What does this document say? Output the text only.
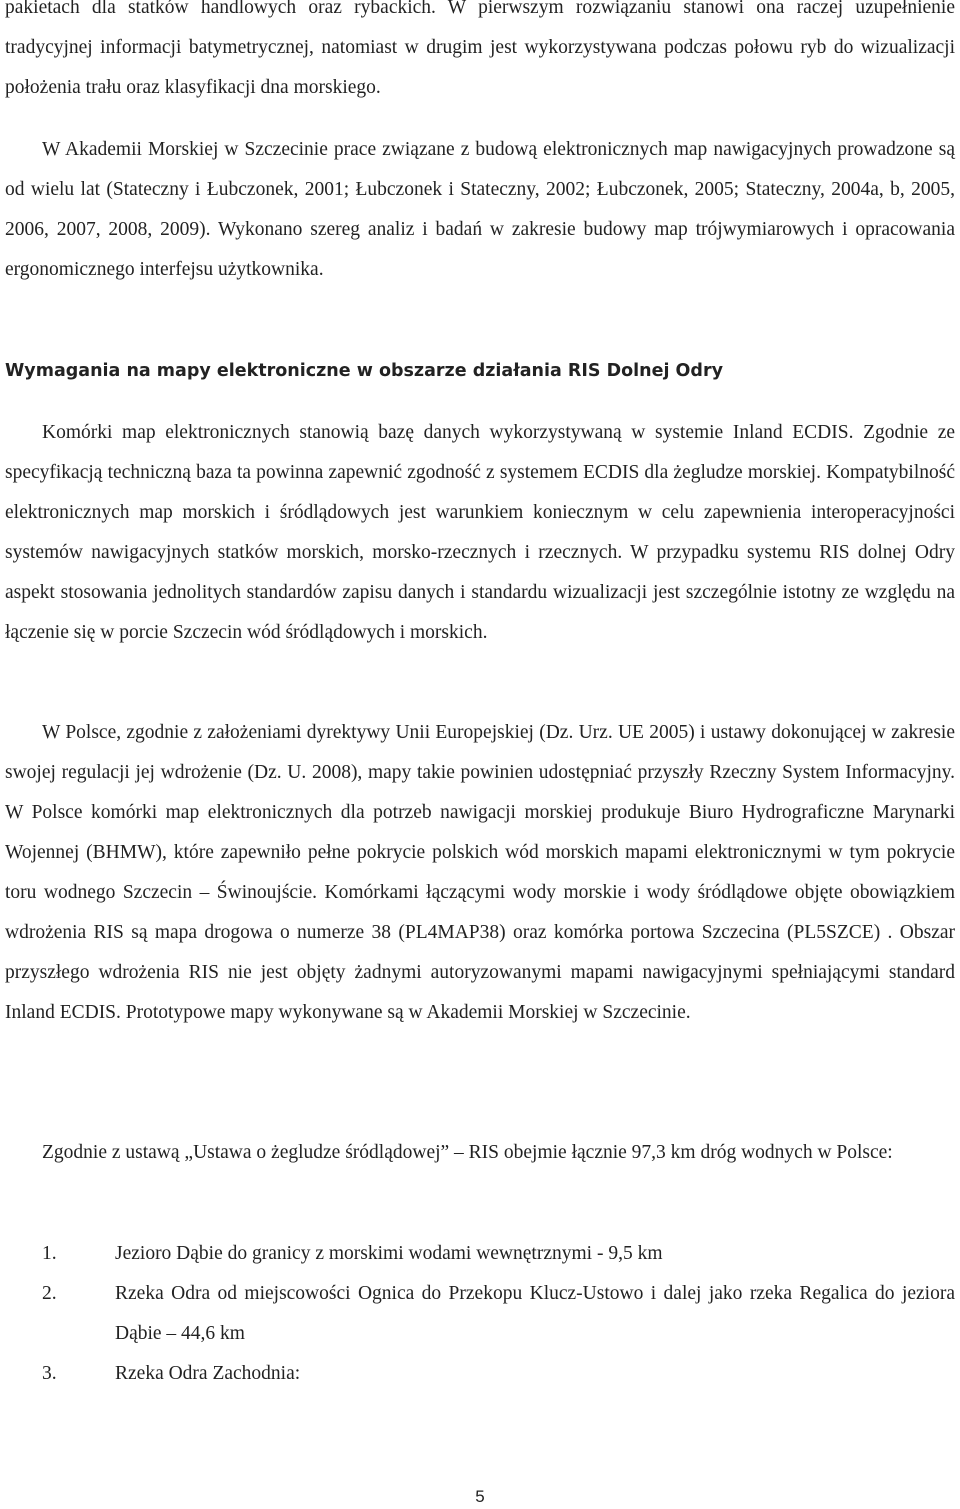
pakietach dla statków handlowych oraz rybackich. W pierwszym rozwiązaniu stanowi ona raczej uzupełnienie tradycyjnej informacji batymetrycznej, natomiast w drugim jest wykorzystywana podczas połowu ryb do wizualizacji położenia trału oraz klasyfikacji dna morskiego.

W Akademii Morskiej w Szczecinie prace związane z budową elektronicznych map nawigacyjnych prowadzone są od wielu lat (Stateczny i Łubczonek, 2001; Łubczonek i Stateczny, 2002; Łubczonek, 2005; Stateczny, 2004a, b, 2005, 2006, 2007, 2008, 2009). Wykonano szereg analiz i badań w zakresie budowy map trójwymiarowych i opracowania ergonomicznego interfejsu użytkownika.

Wymagania na mapy elektroniczne w obszarze działania RIS Dolnej Odry

Komórki map elektronicznych stanowią bazę danych wykorzystywaną w systemie Inland ECDIS. Zgodnie ze specyfikacją techniczną baza ta powinna zapewnić zgodność z systemem ECDIS dla żegludze morskiej. Kompatybilność elektronicznych map morskich i śródlądowych jest warunkiem koniecznym w celu zapewnienia interoperacyjności systemów nawigacyjnych statków morskich, morsko-rzecznych i rzecznych. W przypadku systemu RIS dolnej Odry aspekt stosowania jednolitych standardów zapisu danych i standardu wizualizacji jest szczególnie istotny ze względu na łączenie się w porcie Szczecin wód śródlądowych i morskich.

W Polsce, zgodnie z założeniami dyrektywy Unii Europejskiej (Dz. Urz. UE 2005) i ustawy dokonującej w zakresie swojej regulacji jej wdrożenie (Dz. U. 2008), mapy takie powinien udostępniać przyszły Rzeczny System Informacyjny. W Polsce komórki map elektronicznych dla potrzeb nawigacji morskiej produkuje Biuro Hydrograficzne Marynarki Wojennej (BHMW), które zapewniło pełne pokrycie polskich wód morskich mapami elektronicznymi w tym pokrycie toru wodnego Szczecin – Świnoujście. Komórkami łączącymi wody morskie i wody śródlądowe objęte obowiązkiem wdrożenia RIS są mapa drogowa o numerze 38 (PL4MAP38) oraz komórka portowa Szczecina (PL5SZCE) . Obszar przyszłego wdrożenia RIS nie jest objęty żadnymi autoryzowanymi mapami nawigacyjnymi spełniającymi standard Inland ECDIS. Prototypowe mapy wykonywane są w Akademii Morskiej w Szczecinie.

Zgodnie z ustawą „Ustawa o żegludze śródlądowej” – RIS obejmie łącznie 97,3 km dróg wodnych w Polsce:

1.	Jezioro Dąbie do granicy z morskimi wodami wewnętrznymi - 9,5 km
2.	Rzeka Odra od miejscowości Ognica do Przekopu Klucz-Ustowo i dalej jako rzeka Regalica do jeziora Dąbie – 44,6 km
3.	Rzeka Odra Zachodnia:
5
